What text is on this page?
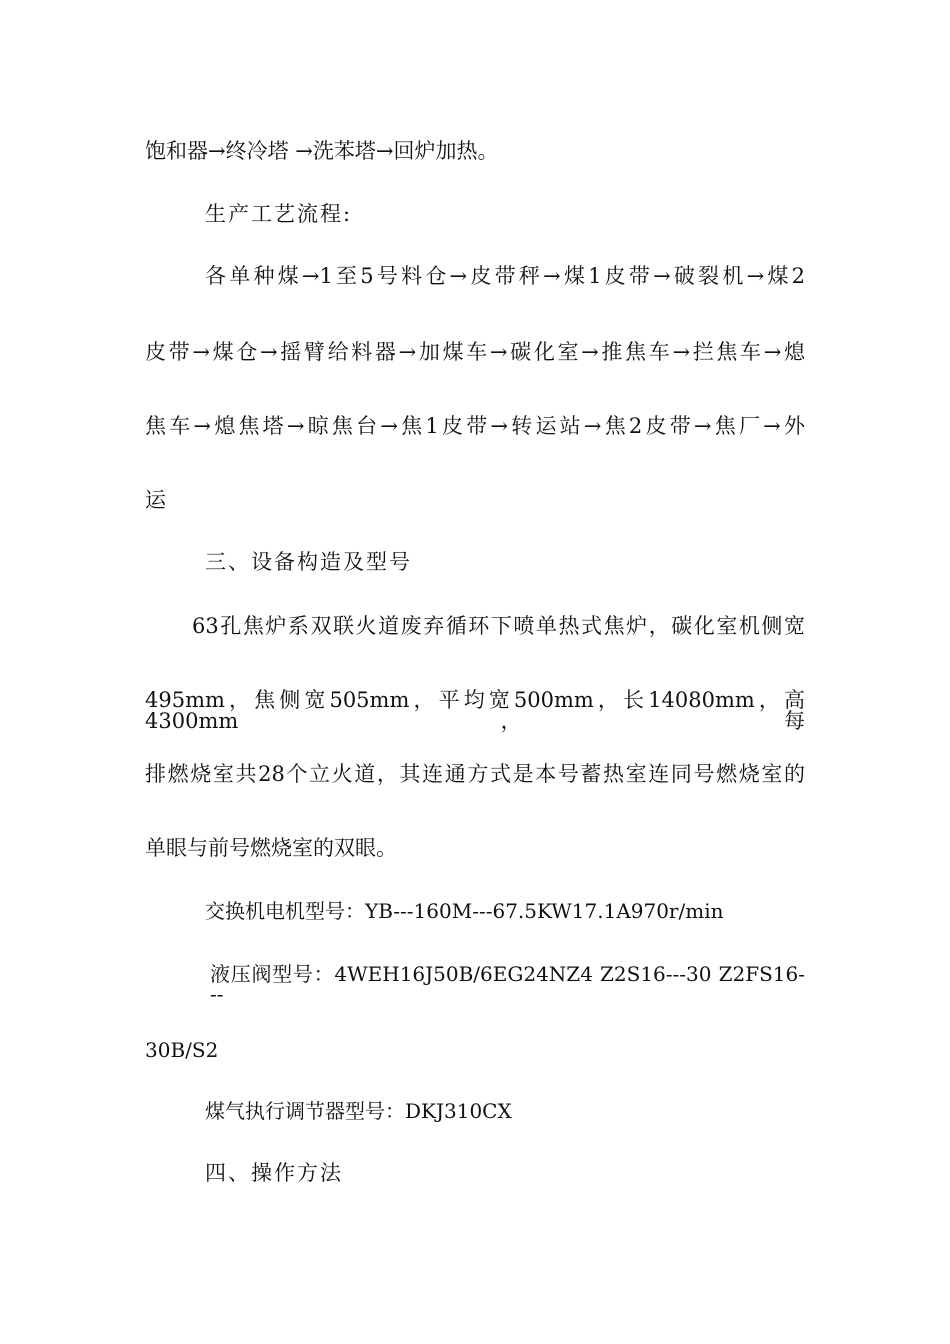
饱和器→终冷塔 →洗苯塔→回炉加热。
生产工艺流程:
各单种煤→1至5号料仓→皮带秤→煤1皮带→破裂机→煤2
皮带→煤仓→摇臂给料器→加煤车→碳化室→推焦车→拦焦车→熄
焦车→熄焦塔→晾焦台→焦1皮带→转运站→焦2皮带→焦厂→外
运
三、设备构造及型号
63孔焦炉系双联火道废弃循环下喷单热式焦炉，碳化室机侧宽
495mm，焦侧宽505mm，平均宽500mm，长14080mm，高4300mm，每
排燃烧室共28个立火道，其连通方式是本号蓄热室连同号燃烧室的
单眼与前号燃烧室的双眼。
交换机电机型号：YB---160M---67.5KW17.1A970r/min
液压阀型号：4WEH16J50B/6EG24NZ4 Z2S16---30 Z2FS16---
30B/S2
煤气执行调节器型号：DKJ310CX
四、操作方法
